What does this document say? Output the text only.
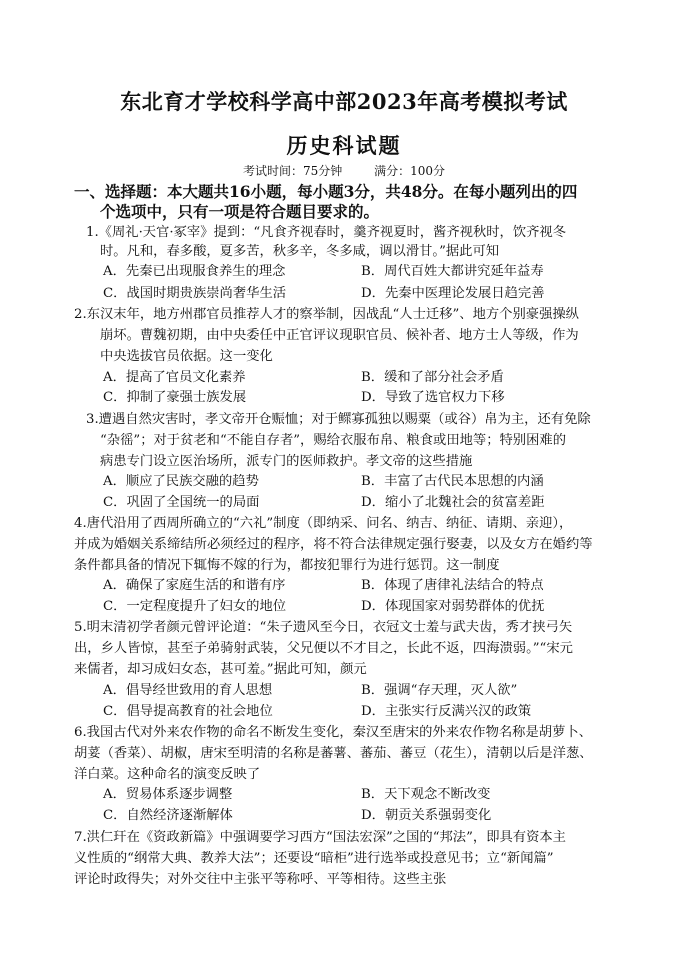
东北育才学校科学高中部2023年高考模拟考试
历史科试题
考试时间：75分钟	满分：100分
一、选择题：本大题共16小题，每小题3分，共48分。在每小题列出的四
个选项中，只有一项是符合题目要求的。
1.《周礼·天官·冢宰》提到：“凡食齐视春时，羹齐视夏时，酱齐视秋时，饮齐视冬
时。凡和，春多酸，夏多苦，秋多辛，冬多咸，调以滑甘。”据此可知
A．先秦已出现服食养生的理念	B．周代百姓大都讲究延年益寿
C．战国时期贵族崇尚奢华生活	D．先秦中医理论发展日趋完善
2.东汉末年，地方州郡官员推荐人才的察举制，因战乱“人士迁移”、地方个别豪强操纵
崩坏。曹魏初期，由中央委任中正官评议现职官员、候补者、地方士人等级，作为
中央选拔官员依据。这一变化
A．提高了官员文化素养	B．缓和了部分社会矛盾
C．抑制了豪强士族发展	D．导致了选官权力下移
3.遭遇自然灾害时，孝文帝开仓赈恤；对于鳏寡孤独以赐粟（或谷）帛为主，还有免除
“杂徭”；对于贫老和“不能自存者”，赐给衣服布帛、粮食或田地等；特别困难的
病患专门设立医治场所，派专门的医师救护。孝文帝的这些措施
A．顺应了民族交融的趋势	B．丰富了古代民本思想的内涵
C．巩固了全国统一的局面	D．缩小了北魏社会的贫富差距
4.唐代沿用了西周所确立的“六礼”制度（即纳采、问名、纳吉、纳征、请期、亲迎），
并成为婚姻关系缔结所必须经过的程序，将不符合法律规定强行娶妻，以及女方在婚约等
条件都具备的情况下辄悔不嫁的行为，都按犯罪行为进行惩罚。这一制度
A．确保了家庭生活的和谐有序	B．体现了唐律礼法结合的特点
C．一定程度提升了妇女的地位	D．体现国家对弱势群体的优抚
5.明末清初学者颜元曾评论道：“朱子遗风至今日，衣冠文士羞与武夫齿，秀才挟弓矢
出，乡人皆惊，甚至子弟骑射武装，父兄便以不才目之，长此不返，四海溃弱。”“宋元
来儒者，却习成妇女态，甚可羞。”据此可知，颜元
A．倡导经世致用的育人思想	B．强调“存天理，灭人欲”
C．倡导提高教育的社会地位	D．主张实行反满兴汉的政策
6.我国古代对外来农作物的命名不断发生变化，秦汉至唐宋的外来农作物名称是胡萝卜、
胡荽（香菜）、胡椒，唐宋至明清的名称是蕃薯、蕃茄、蕃豆（花生），清朝以后是洋葱、
洋白菜。这种命名的演变反映了
A．贸易体系逐步调整	B．天下观念不断改变
C．自然经济逐渐解体	D．朝贡关系强弱变化
7.洪仁玕在《资政新篇》中强调要学习西方“国法宏深”之国的“邦法”，即具有资本主
义性质的“纲常大典、教养大法”；还要设“暗柜”进行选举或投意见书；立“新闻篇”
评论时政得失；对外交往中主张平等称呼、平等相待。这些主张
